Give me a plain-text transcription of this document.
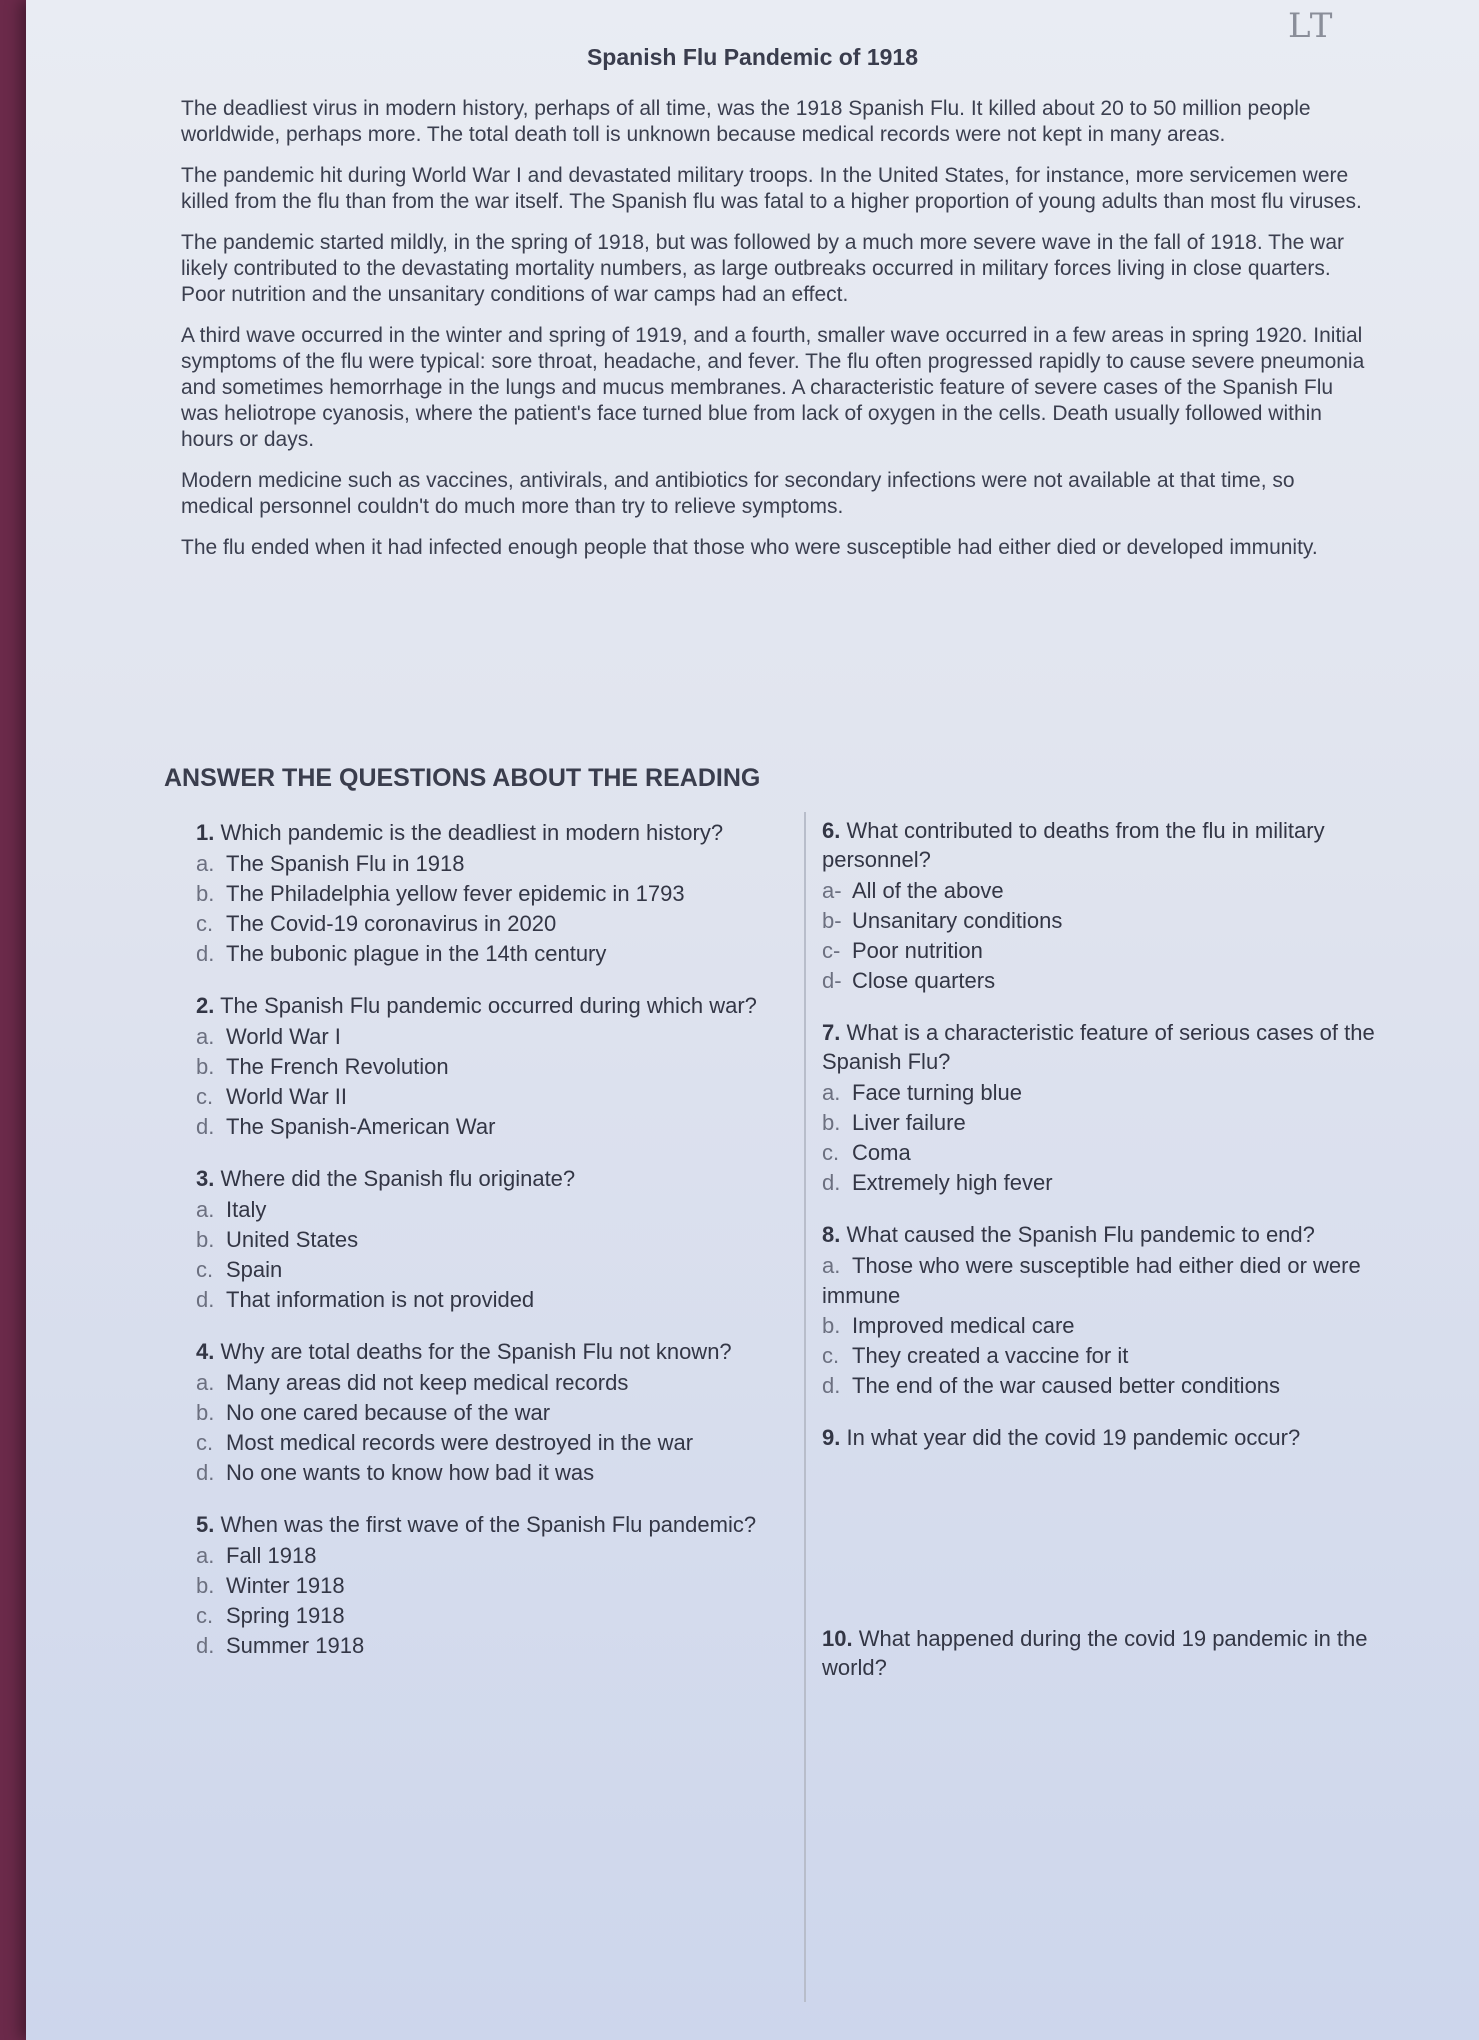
LT
Spanish Flu Pandemic of 1918

The deadliest virus in modern history, perhaps of all time, was the 1918 Spanish Flu. It killed about 20 to 50 million people worldwide, perhaps more. The total death toll is unknown because medical records were not kept in many areas.

The pandemic hit during World War I and devastated military troops. In the United States, for instance, more servicemen were killed from the flu than from the war itself. The Spanish flu was fatal to a higher proportion of young adults than most flu viruses.

The pandemic started mildly, in the spring of 1918, but was followed by a much more severe wave in the fall of 1918. The war likely contributed to the devastating mortality numbers, as large outbreaks occurred in military forces living in close quarters. Poor nutrition and the unsanitary conditions of war camps had an effect.

A third wave occurred in the winter and spring of 1919, and a fourth, smaller wave occurred in a few areas in spring 1920. Initial symptoms of the flu were typical: sore throat, headache, and fever. The flu often progressed rapidly to cause severe pneumonia and sometimes hemorrhage in the lungs and mucus membranes. A characteristic feature of severe cases of the Spanish Flu was heliotrope cyanosis, where the patient's face turned blue from lack of oxygen in the cells. Death usually followed within hours or days.

Modern medicine such as vaccines, antivirals, and antibiotics for secondary infections were not available at that time, so medical personnel couldn't do much more than try to relieve symptoms.

The flu ended when it had infected enough people that those who were susceptible had either died or developed immunity.

ANSWER THE QUESTIONS ABOUT THE READING
1. Which pandemic is the deadliest in modern history?
a. The Spanish Flu in 1918
b. The Philadelphia yellow fever epidemic in 1793
c. The Covid-19 coronavirus in 2020
d. The bubonic plague in the 14th century
2. The Spanish Flu pandemic occurred during which war?
a. World War I
b. The French Revolution
c. World War II
d. The Spanish-American War
3. Where did the Spanish flu originate?
a. Italy
b. United States
c. Spain
d. That information is not provided
4. Why are total deaths for the Spanish Flu not known?
a. Many areas did not keep medical records
b. No one cared because of the war
c. Most medical records were destroyed in the war
d. No one wants to know how bad it was
5. When was the first wave of the Spanish Flu pandemic?
a. Fall 1918
b. Winter 1918
c. Spring 1918
d. Summer 1918
6. What contributed to deaths from the flu in military personnel?
a- All of the above
b- Unsanitary conditions
c- Poor nutrition
d- Close quarters
7. What is a characteristic feature of serious cases of the Spanish Flu?
a. Face turning blue
b. Liver failure
c. Coma
d. Extremely high fever
8. What caused the Spanish Flu pandemic to end?
a. Those who were susceptible had either died or were immune
b. Improved medical care
c. They created a vaccine for it
d. The end of the war caused better conditions
9. In what year did the covid 19 pandemic occur?
10. What happened during the covid 19 pandemic in the world?
